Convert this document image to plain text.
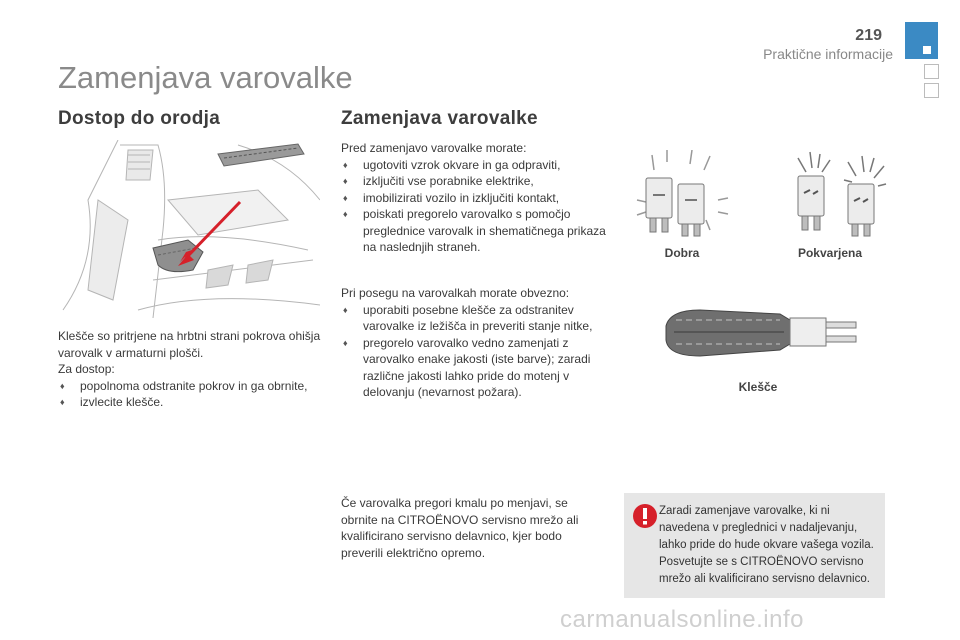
219
Praktične informacije
Zamenjava varovalke
Dostop do orodja
Klešče so pritrjene na hrbtni strani pokrova ohišja varovalk v armaturni plošči.
Za dostop:
♦ popolnoma odstranite pokrov in ga obrnite,
♦ izvlecite klešče.
Zamenjava varovalke
Pred zamenjavo varovalke morate:
♦ ugotoviti vzrok okvare in ga odpraviti,
♦ izključiti vse porabnike elektrike,
♦ imobilizirati vozilo in izključiti kontakt,
♦ poiskati pregorelo varovalko s pomočjo preglednice varovalk in shematičnega prikaza na naslednjih straneh.
Pri posegu na varovalkah morate obvezno:
♦ uporabiti posebne klešče za odstranitev varovalke iz ležišča in preveriti stanje nitke,
♦ pregorelo varovalko vedno zamenjati z varovalko enake jakosti (iste barve); zaradi različne jakosti lahko pride do motenj v delovanju (nevarnost požara).
Če varovalka pregori kmalu po menjavi, se obrnite na CITROËNOVO servisno mrežo ali kvalificirano servisno delavnico, kjer bodo preverili električno opremo.
Dobra	Pokvarjena
Klešče
Zaradi zamenjave varovalke, ki ni navedena v preglednici v nadaljevanju, lahko pride do hude okvare vašega vozila. Posvetujte se s CITROËNOVO servisno mrežo ali kvalificirano servisno delavnico.
carmanualsonline.info
